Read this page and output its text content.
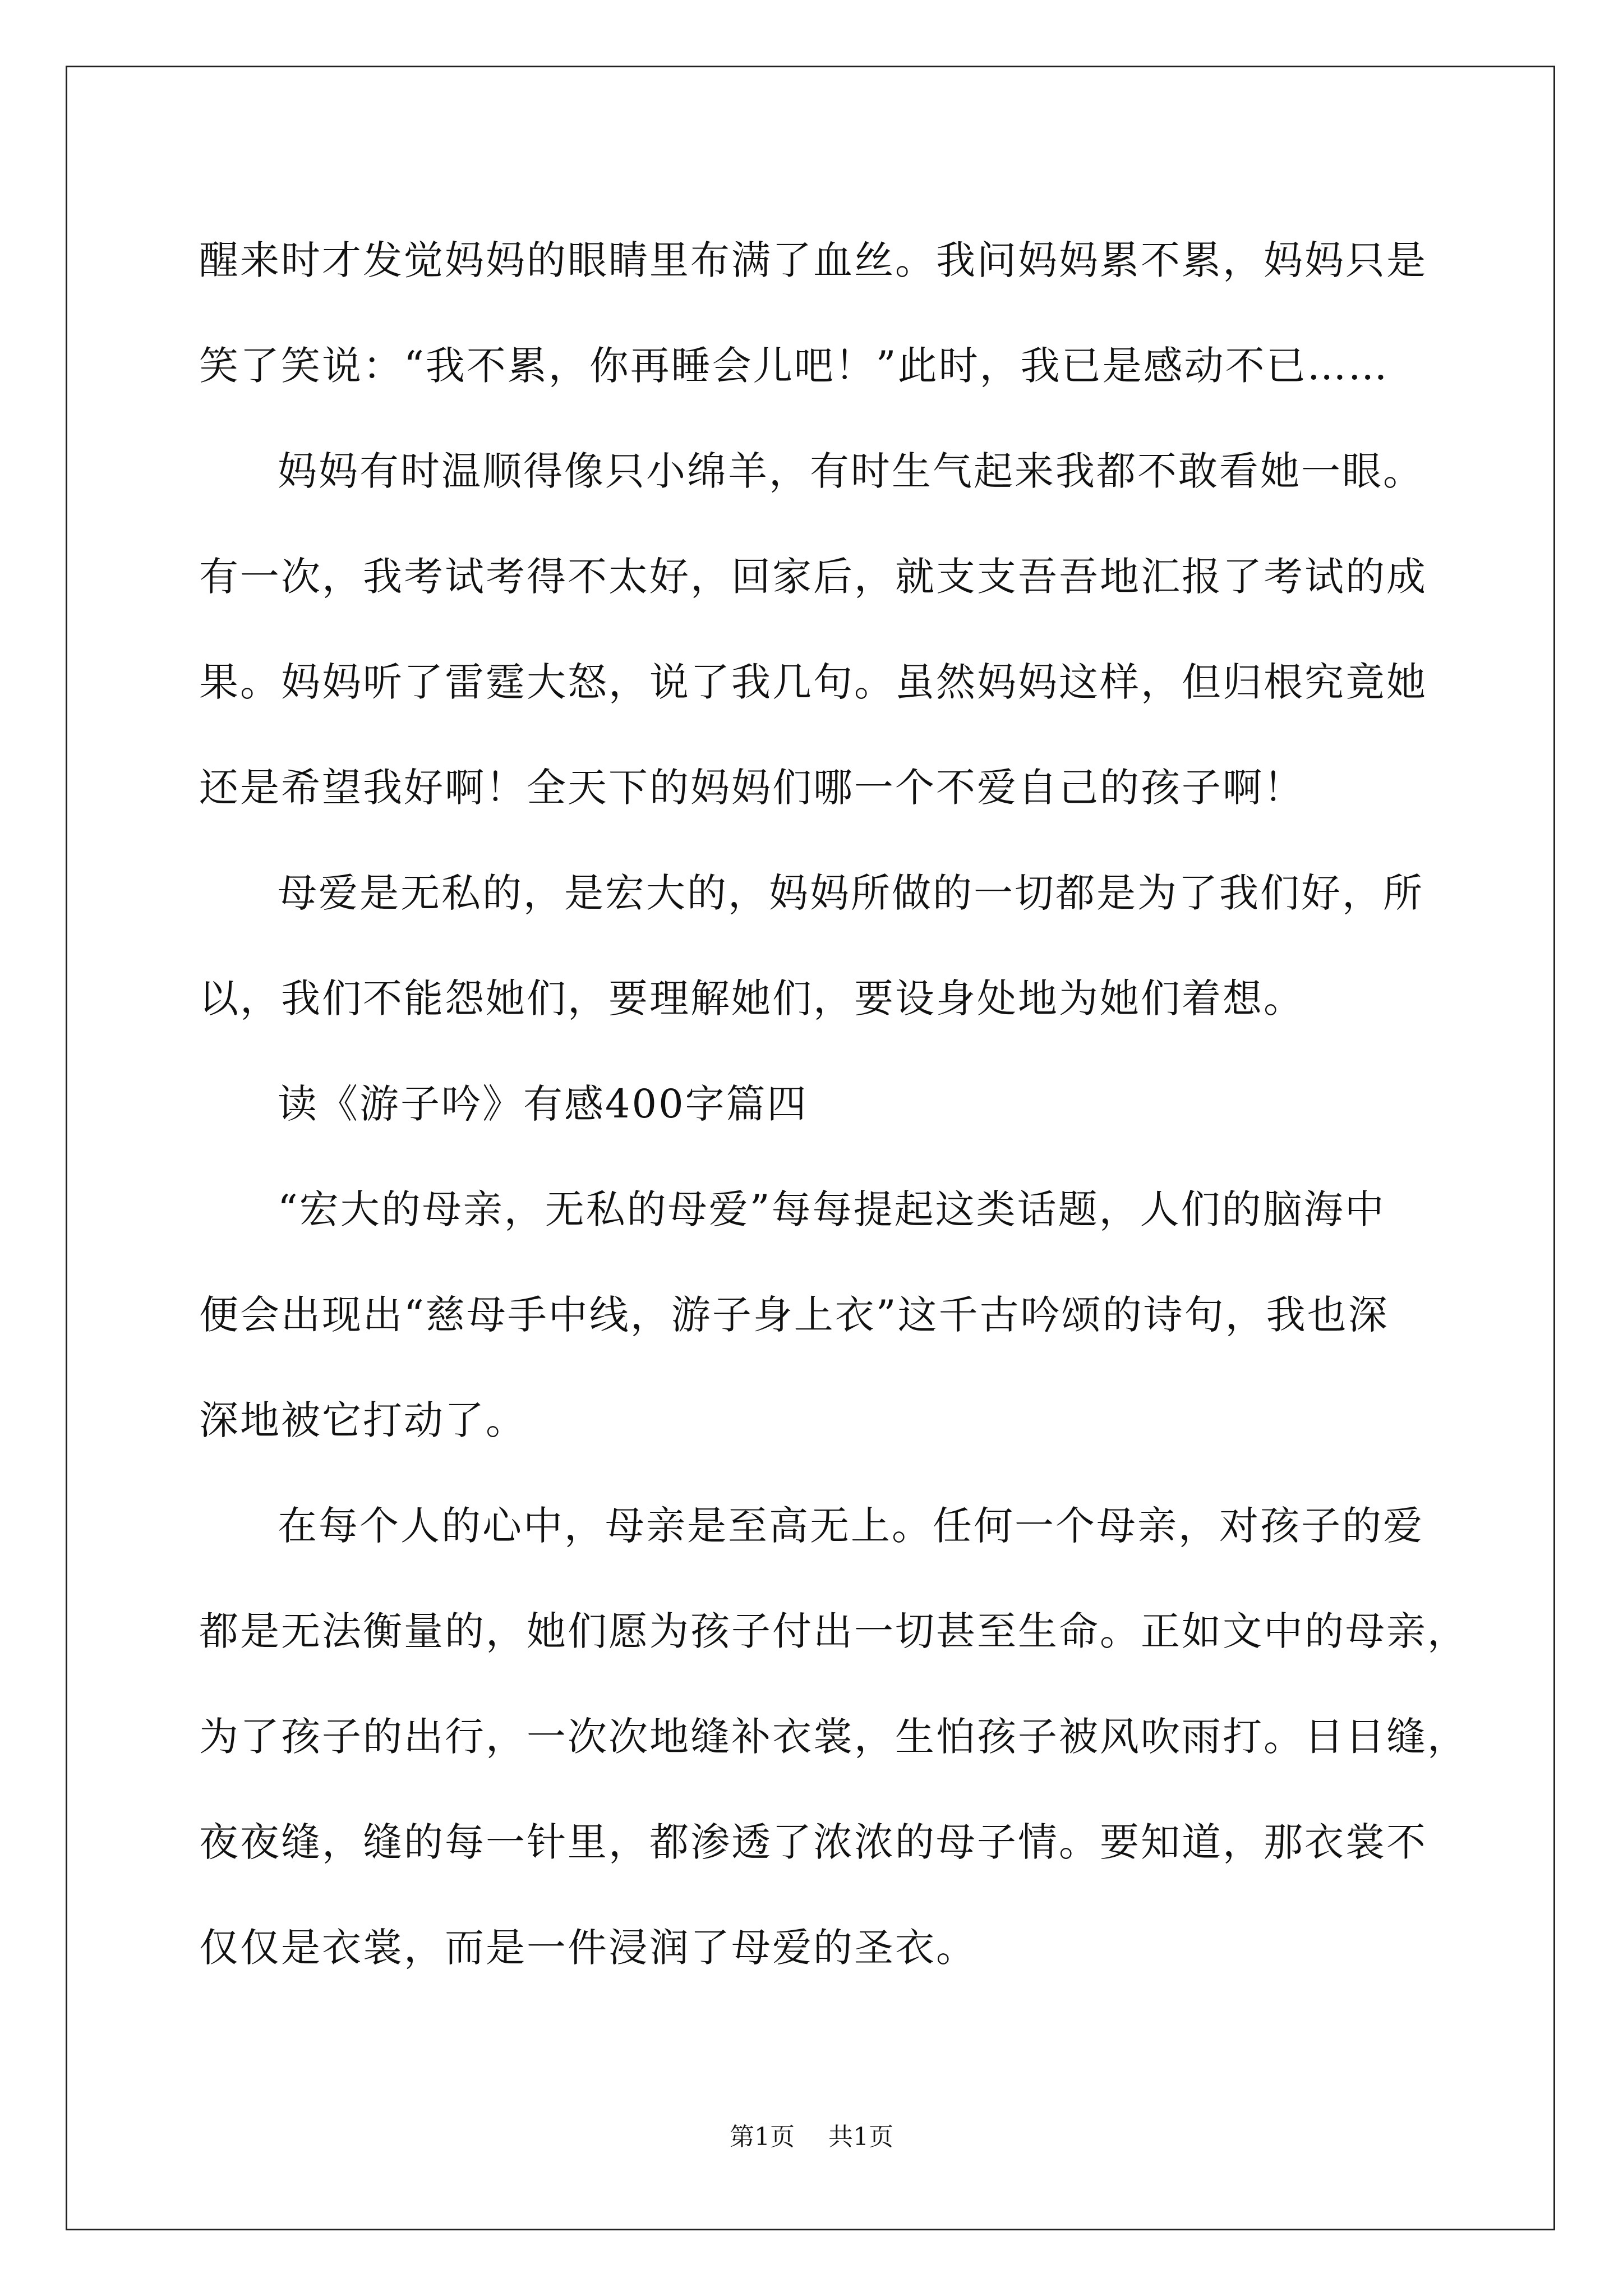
醒来时才发觉妈妈的眼睛里布满了血丝。我问妈妈累不累，妈妈只是
笑了笑说：“我不累，你再睡会儿吧！”此时，我已是感动不已……
妈妈有时温顺得像只小绵羊，有时生气起来我都不敢看她一眼。
有一次，我考试考得不太好，回家后，就支支吾吾地汇报了考试的成
果。妈妈听了雷霆大怒，说了我几句。虽然妈妈这样，但归根究竟她
还是希望我好啊！全天下的妈妈们哪一个不爱自己的孩子啊！
母爱是无私的，是宏大的，妈妈所做的一切都是为了我们好，所
以，我们不能怨她们，要理解她们，要设身处地为她们着想。
读《游子吟》有感400字篇四
“宏大的母亲，无私的母爱”每每提起这类话题，人们的脑海中
便会出现出“慈母手中线，游子身上衣”这千古吟颂的诗句，我也深
深地被它打动了。
在每个人的心中，母亲是至高无上。任何一个母亲，对孩子的爱
都是无法衡量的，她们愿为孩子付出一切甚至生命。正如文中的母亲，
为了孩子的出行，一次次地缝补衣裳，生怕孩子被风吹雨打。日日缝，
夜夜缝，缝的每一针里，都渗透了浓浓的母子情。要知道，那衣裳不
仅仅是衣裳，而是一件浸润了母爱的圣衣。
第1页 共1页
